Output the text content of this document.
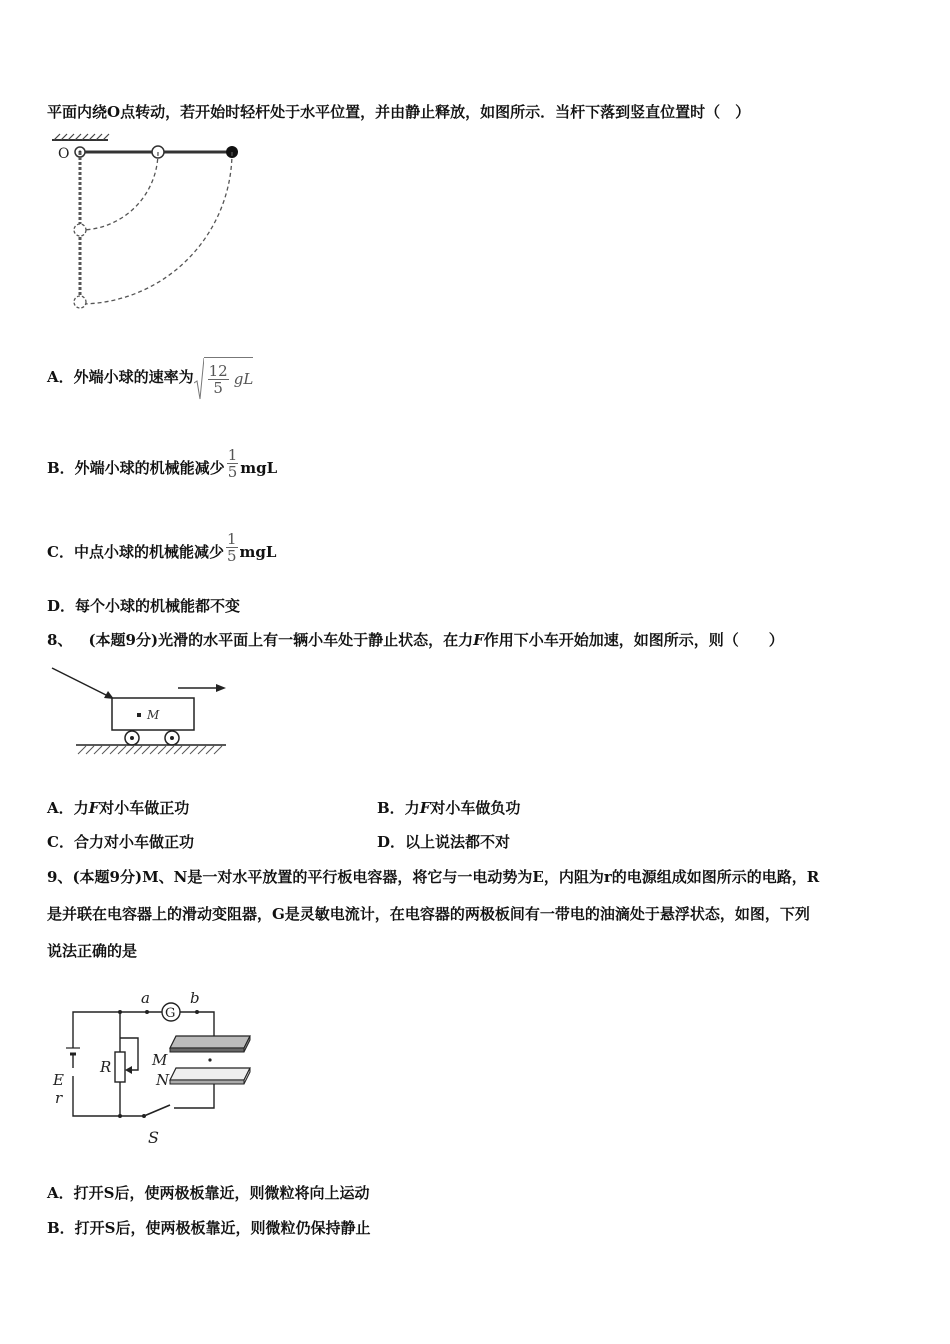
平面内绕O点转动，若开始时轻杆处于水平位置，并由静止释放，如图所示．当杆下落到竖直位置时（　）
O
A．外端小球的速率为 $\frac{12}{5}$ gL
B．外端小球的机械能减少 $\frac{1}{5}$ mgL
C．中点小球的机械能减少 $\frac{1}{5}$ mgL
D．每个小球的机械能都不变
8、 (本题9分)光滑的水平面上有一辆小车处于静止状态，在力F作用下小车开始加速，如图所示，则（　　）
M
A．力F对小车做正功	B．力F对小车做负功
C．合力对小车做正功	D．以上说法都不对
9、(本题9分)M、N是一对水平放置的平行板电容器，将它与一电动势为E，内阻为r的电源组成如图所示的电路，R
是并联在电容器上的滑动变阻器，G是灵敏电流计，在电容器的两极板间有一带电的油滴处于悬浮状态，如图，下列
说法正确的是
a	b
M
N
R
E
r
S
G
A．打开S后，使两极板靠近，则微粒将向上运动
B．打开S后，使两极板靠近，则微粒仍保持静止
